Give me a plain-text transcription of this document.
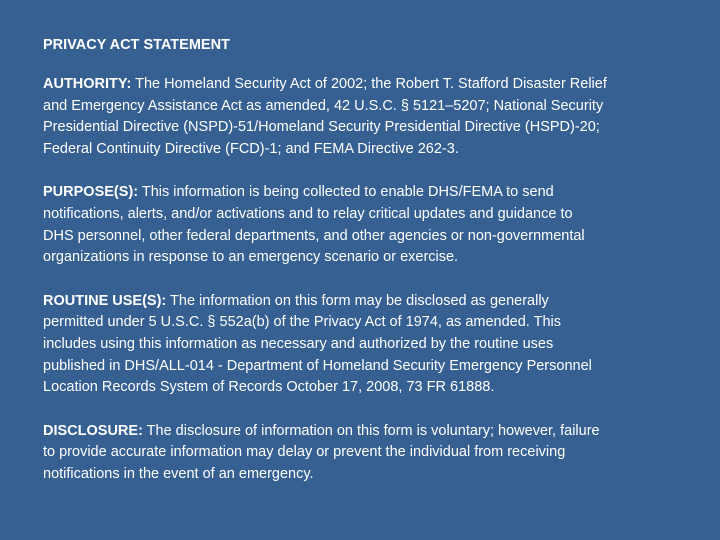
PRIVACY ACT STATEMENT
AUTHORITY: The Homeland Security Act of 2002; the Robert T. Stafford Disaster Relief
and Emergency Assistance Act as amended, 42 U.S.C. § 5121–5207; National Security
Presidential Directive (NSPD)-51/Homeland Security Presidential Directive (HSPD)-20;
Federal Continuity Directive (FCD)-1; and FEMA Directive 262-3.
PURPOSE(S): This information is being collected to enable DHS/FEMA to send
notifications, alerts, and/or activations and to relay critical updates and guidance to
DHS personnel, other federal departments, and other agencies or non-governmental
organizations in response to an emergency scenario or exercise.
ROUTINE USE(S): The information on this form may be disclosed as generally
permitted under 5 U.S.C. § 552a(b) of the Privacy Act of 1974, as amended. This
includes using this information as necessary and authorized by the routine uses
published in DHS/ALL-014 - Department of Homeland Security Emergency Personnel
Location Records System of Records October 17, 2008, 73 FR 61888.
DISCLOSURE: The disclosure of information on this form is voluntary; however, failure
to provide accurate information may delay or prevent the individual from receiving
notifications in the event of an emergency.
